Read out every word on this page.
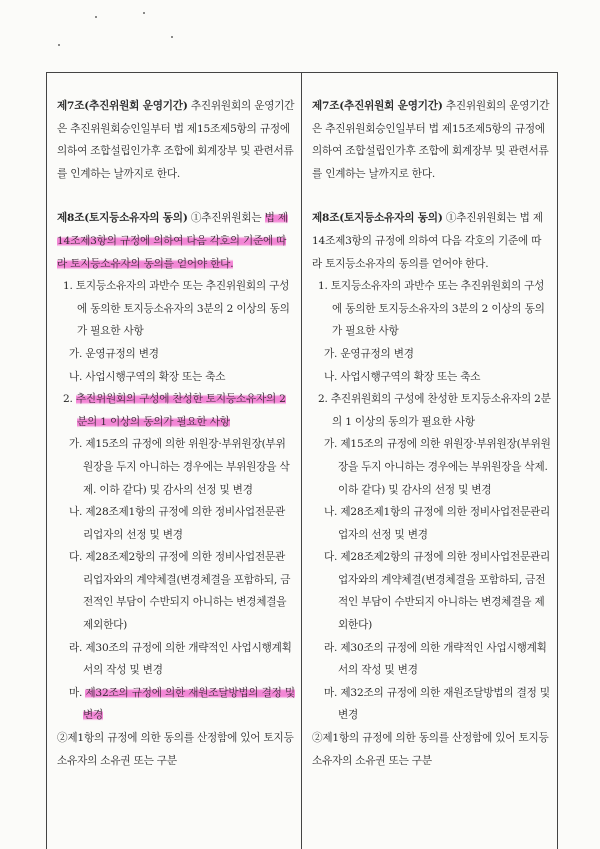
제7조(추진위원회 운영기간) 추진위원회의 운영기간은 추진위원회승인일부터 법 제15조제5항의 규정에 의하여 조합설립인가후 조합에 회계장부 및 관련서류를 인계하는 날까지로 한다.

제8조(토지등소유자의 동의) ①추진위원회는 법 제14조제3항의 규정에 의하여 다음 각호의 기준에 따라 토지등소유자의 동의를 얻어야 한다.

1. 토지등소유자의 과반수 또는 추진위원회의 구성에 동의한 토지등소유자의 3분의 2 이상의 동의가 필요한 사항

가. 운영규정의 변경

나. 사업시행구역의 확장 또는 축소

2. 추진위원회의 구성에 찬성한 토지등소유자의 2분의 1 이상의 동의가 필요한 사항

가. 제15조의 규정에 의한 위원장·부위원장(부위원장을 두지 아니하는 경우에는 부위원장을 삭제. 이하 같다) 및 감사의 선정 및 변경

나. 제28조제1항의 규정에 의한 정비사업전문관리업자의 선정 및 변경

다. 제28조제2항의 규정에 의한 정비사업전문관리업자와의 계약체결(변경체결을 포함하되, 금전적인 부담이 수반되지 아니하는 변경체결을 제외한다)

라. 제30조의 규정에 의한 개략적인 사업시행계획서의 작성 및 변경

마. 제32조의 규정에 의한 재원조달방법의 결정 및 변경

②제1항의 규정에 의한 동의를 산정함에 있어 토지등소유자의 소유권 또는 구분

제7조(추진위원회 운영기간) 추진위원회의 운영기간은 추진위원회승인일부터 법 제15조제5항의 규정에 의하여 조합설립인가후 조합에 회계장부 및 관련서류를 인계하는 날까지로 한다.

제8조(토지등소유자의 동의) ①추진위원회는 법 제14조제3항의 규정에 의하여 다음 각호의 기준에 따라 토지등소유자의 동의를 얻어야 한다.

1. 토지등소유자의 과반수 또는 추진위원회의 구성에 동의한 토지등소유자의 3분의 2 이상의 동의가 필요한 사항

가. 운영규정의 변경

나. 사업시행구역의 확장 또는 축소

2. 추진위원회의 구성에 찬성한 토지등소유자의 2분의 1 이상의 동의가 필요한 사항

가. 제15조의 규정에 의한 위원장·부위원장(부위원장을 두지 아니하는 경우에는 부위원장을 삭제. 이하 같다) 및 감사의 선정 및 변경

나. 제28조제1항의 규정에 의한 정비사업전문관리업자의 선정 및 변경

다. 제28조제2항의 규정에 의한 정비사업전문관리업자와의 계약체결(변경체결을 포함하되, 금전적인 부담이 수반되지 아니하는 변경체결을 제외한다)

라. 제30조의 규정에 의한 개략적인 사업시행계획서의 작성 및 변경

마. 제32조의 규정에 의한 재원조달방법의 결정 및 변경

②제1항의 규정에 의한 동의를 산정함에 있어 토지등소유자의 소유권 또는 구분
